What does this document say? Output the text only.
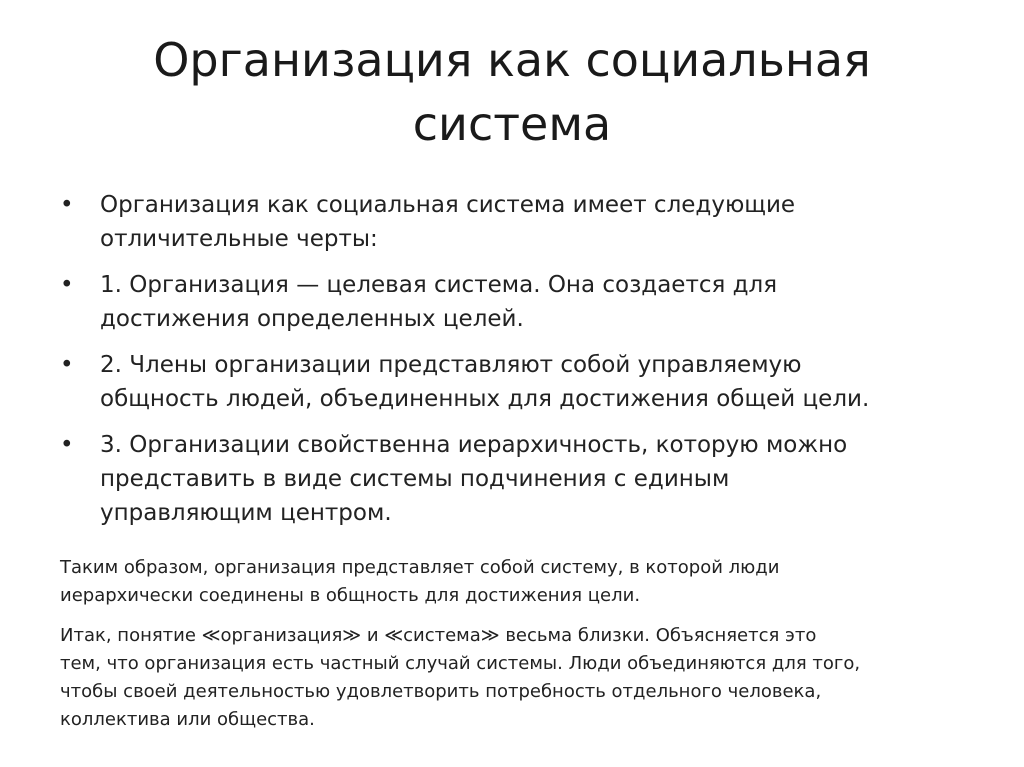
Организация как социальная
система
• Организация как социальная система имеет следующие
отличительные черты:
• 1. Организация — целевая система. Она создается для
достижения определенных целей.
• 2. Члены организации представляют собой управляемую
общность людей, объединенных для достижения общей цели.
• 3. Организации свойственна иерархичность, которую можно
представить в виде системы подчинения с единым
управляющим центром.
Таким образом, организация представляет собой систему, в которой люди
иерархически соединены в общность для достижения цели.
Итак, понятие ≪организация≫ и ≪система≫ весьма близки. Объясняется это
тем, что организация есть частный случай системы. Люди объединяются для того,
чтобы своей деятельностью удовлетворить потребность отдельного человека,
коллектива или общества.
